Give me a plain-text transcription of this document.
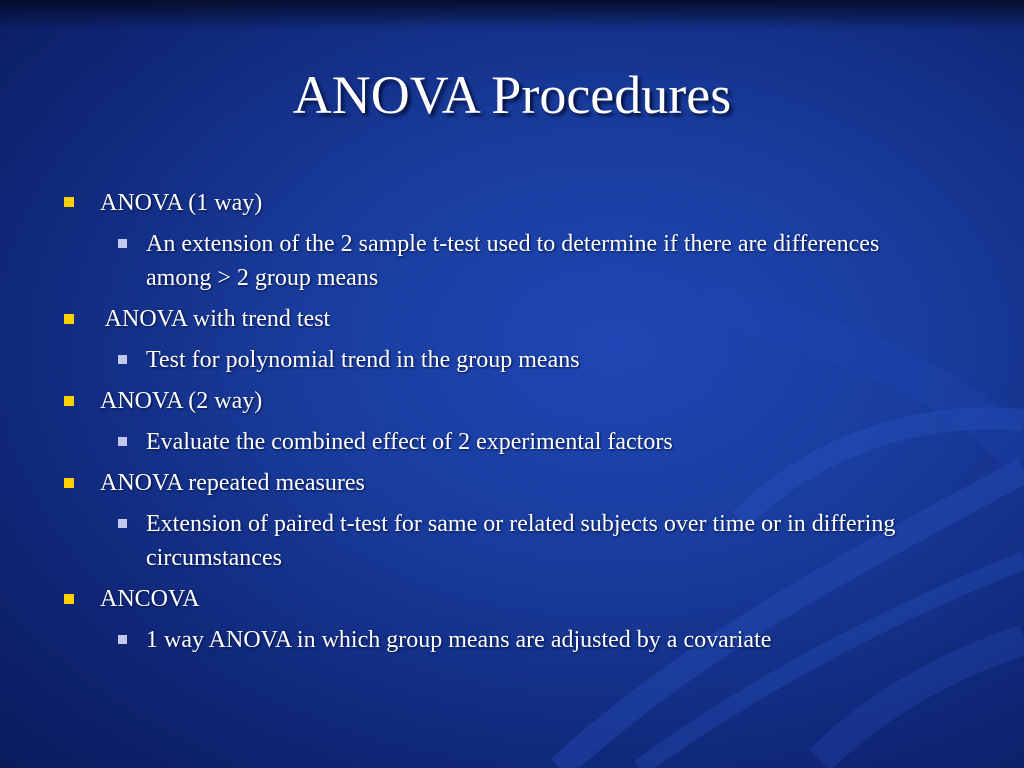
ANOVA Procedures
ANOVA (1 way)
An extension of the 2 sample t-test used to determine if there are differences among > 2 group means
ANOVA with trend test
Test for polynomial trend in the group means
ANOVA (2 way)
Evaluate the combined effect of 2 experimental factors
ANOVA repeated measures
Extension of paired t-test for same or related subjects over time or in differing circumstances
ANCOVA
1 way ANOVA in which group means are adjusted by a covariate
